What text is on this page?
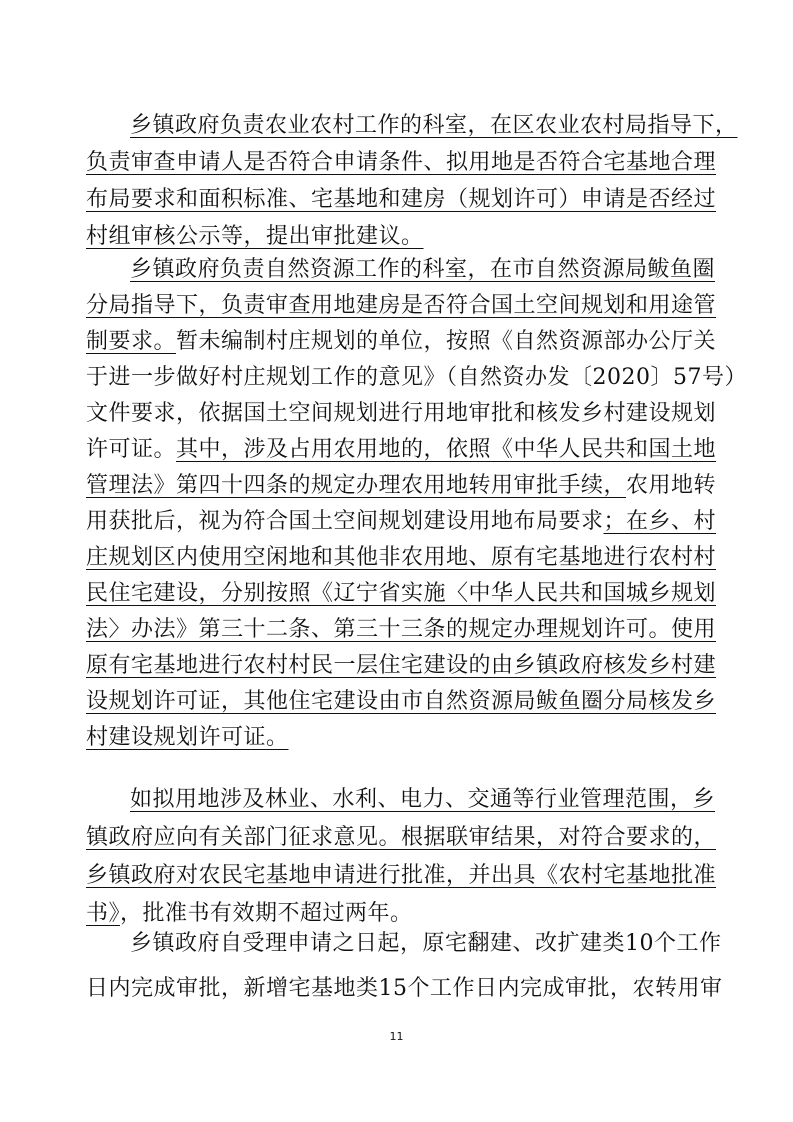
乡镇政府负责农业农村工作的科室，在区农业农村局指导下，
负责审查申请人是否符合申请条件、拟用地是否符合宅基地合理
布局要求和面积标准、宅基地和建房（规划许可）申请是否经过
村组审核公示等，提出审批建议。
乡镇政府负责自然资源工作的科室，在市自然资源局鲅鱼圈
分局指导下，负责审查用地建房是否符合国土空间规划和用途管
制要求。暂未编制村庄规划的单位，按照《自然资源部办公厅关
于进一步做好村庄规划工作的意见》（自然资办发〔2020〕57号）
文件要求，依据国土空间规划进行用地审批和核发乡村建设规划
许可证。其中，涉及占用农用地的，依照《中华人民共和国土地
管理法》第四十四条的规定办理农用地转用审批手续，农用地转
用获批后，视为符合国土空间规划建设用地布局要求；在乡、村
庄规划区内使用空闲地和其他非农用地、原有宅基地进行农村村
民住宅建设，分别按照《辽宁省实施〈中华人民共和国城乡规划
法〉办法》第三十二条、第三十三条的规定办理规划许可。使用
原有宅基地进行农村村民一层住宅建设的由乡镇政府核发乡村建
设规划许可证，其他住宅建设由市自然资源局鲅鱼圈分局核发乡
村建设规划许可证。
如拟用地涉及林业、水利、电力、交通等行业管理范围，乡
镇政府应向有关部门征求意见。根据联审结果，对符合要求的，
乡镇政府对农民宅基地申请进行批准，并出具《农村宅基地批准
书》，批准书有效期不超过两年。
乡镇政府自受理申请之日起，原宅翻建、改扩建类10个工作
日内完成审批，新增宅基地类15个工作日内完成审批，农转用审
11
